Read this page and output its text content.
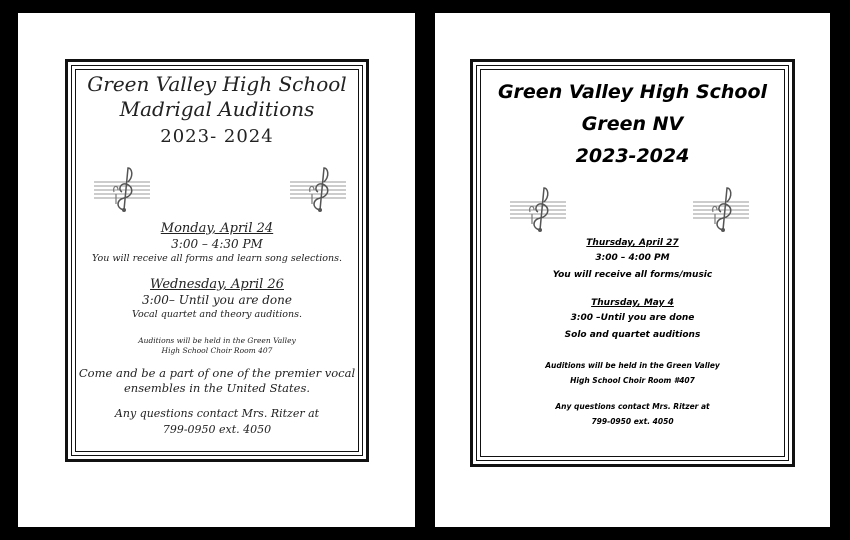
Green Valley High School
Madrigal Auditions
2023- 2024
Monday, April 24
3:00 – 4:30 PM
You will receive all forms and learn song selections.
Wednesday, April 26
3:00– Until you are done
Vocal quartet and theory auditions.
Auditions will be held in the Green Valley
High School Choir Room 407
Come and be a part of one of the premier vocal
ensembles in the United States.
Any questions contact Mrs. Ritzer at
799-0950 ext. 4050
Green Valley High School
Green NV
2023-2024
Thursday, April 27
3:00 – 4:00 PM
You will receive all forms/music
Thursday, May 4
3:00 –Until you are done
Solo and quartet auditions
Auditions will be held in the Green Valley
High School Choir Room #407
Any questions contact Mrs. Ritzer at
799-0950 ext. 4050
